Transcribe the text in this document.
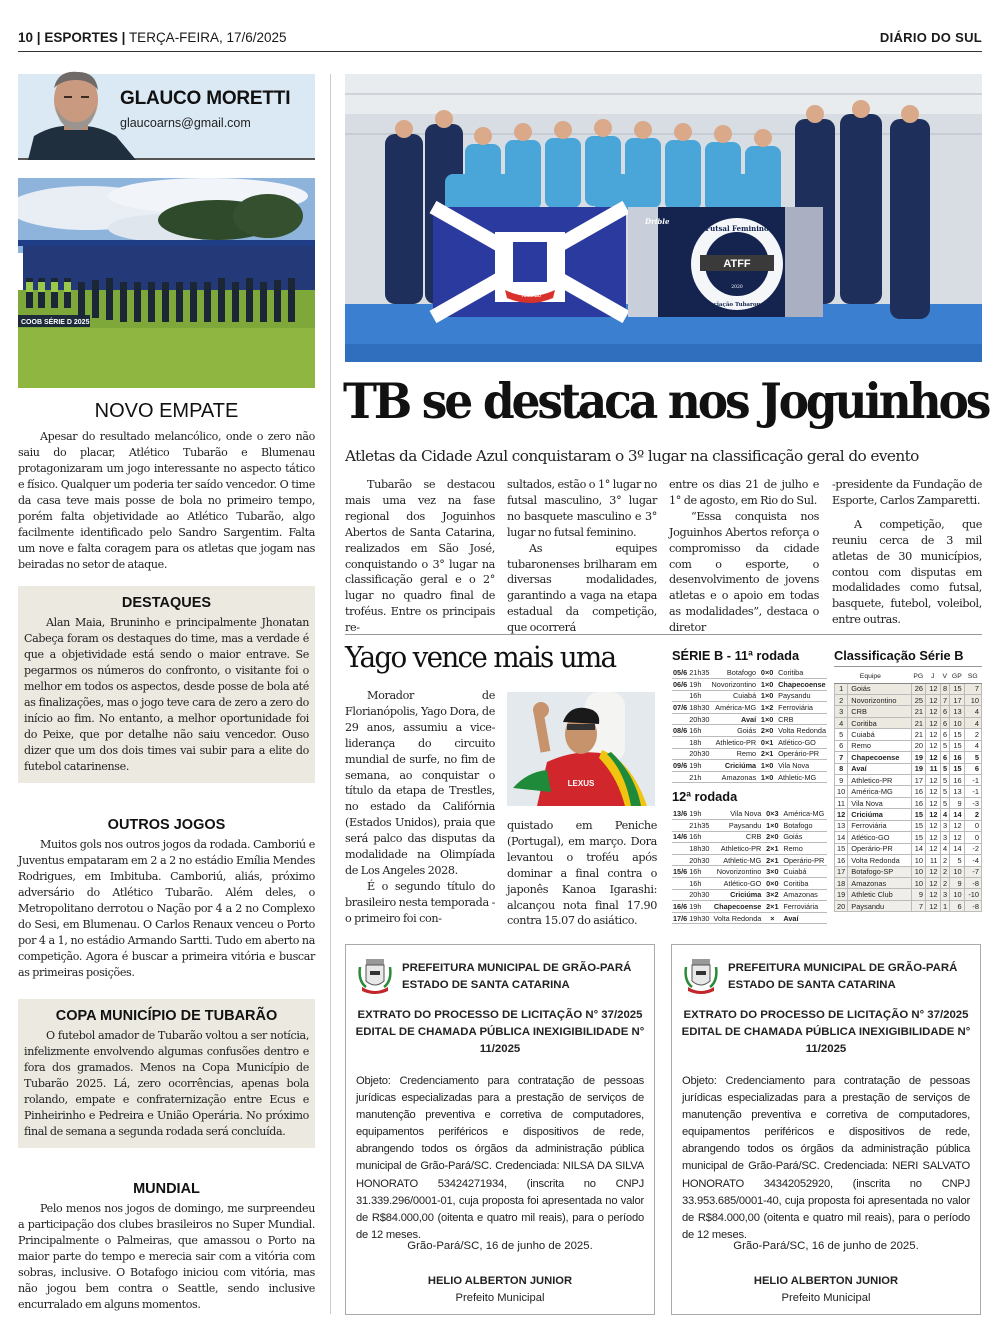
10 | ESPORTES | TERÇA-FEIRA, 17/6/2025	DIÁRIO DO SUL
GLAUCO MORETTI
glaucoarns@gmail.com
COOB SÉRIE D 2025
NOVO EMPATE

Apesar do resultado melancólico, onde o zero não saiu do placar, Atlético Tubarão e Blumenau protagonizaram um jogo interessante no aspecto tático e físico. Qualquer um poderia ter saído vencedor. O time da casa teve mais posse de bola no primeiro tempo, porém falta objetividade ao Atlético Tubarão, algo facilmente identificado pelo Sandro Sargentim. Falta um nove e falta coragem para os atletas que jogam nas beiradas no setor de ataque.

DESTAQUES

Alan Maia, Bruninho e principalmente Jhonatan Cabeça foram os destaques do time, mas a verdade é que a objetividade está sendo o maior entrave. Se pegarmos os números do confronto, o visitante foi o melhor em todos os aspectos, desde posse de bola até as finalizações, mas o jogo teve cara de zero a zero do início ao fim. No entanto, a melhor oportunidade foi do Peixe, que por detalhe não saiu vencedor. Ouso dizer que um dos dois times vai subir para a elite do futebol catarinense.

OUTROS JOGOS

Muitos gols nos outros jogos da rodada. Camboriú e Juventus empataram em 2 a 2 no estádio Emília Mendes Rodrigues, em Imbituba. Camboriú, aliás, próximo adversário do Atlético Tubarão. Além deles, o Metropolitano derrotou o Nação por 4 a 2 no Complexo do Sesi, em Blumenau. O Carlos Renaux venceu o Porto por 4 a 1, no estádio Armando Sartti. Tudo em aberto na competição. Agora é buscar a primeira vitória e buscar as primeiras posições.

COPA MUNICÍPIO DE TUBARÃO

O futebol amador de Tubarão voltou a ser notícia, infelizmente envolvendo algumas confusões dentro e fora dos gramados. Menos na Copa Município de Tubarão 2025. Lá, zero ocorrências, apenas bola rolando, empate e confraternização entre Ecus e Pinheirinho e Pedreira e União Operária. No próximo final de semana a segunda rodada será concluída.

MUNDIAL

Pelo menos nos jogos de domingo, me surpreendeu a participação dos clubes brasileiros no Super Mundial. Principalmente o Palmeiras, que amassou o Porto na maior parte do tempo e merecia sair com a vitória com sobras, inclusive. O Botafogo iniciou com vitória, mas não jogou bem contra o Seattle, sendo inclusive encurralado em alguns momentos.

TUBARÃO
ATFF
Futsal Feminino
Associação Tubaronense
2020
Drible
TB se destaca nos Joguinhos
Atletas da Cidade Azul conquistaram o 3º lugar na classificação geral do evento

Tubarão se destacou mais uma vez na fase regional dos Joguinhos Abertos de Santa Catarina, realizados em São José, conquistando o 3° lugar na classificação geral e o 2° lugar no quadro final de troféus. Entre os principais re-

sultados, estão o 1° lugar no futsal masculino, 3° lugar no basquete masculino e 3° lugar no futsal feminino.

As equipes tubaronenses brilharam em diversas modalidades, garantindo a vaga na etapa estadual da competição, que ocorrerá

entre os dias 21 de julho e 1° de agosto, em Rio do Sul.

“Essa conquista nos Joguinhos Abertos reforça o compromisso da cidade com o esporte, o desenvolvimento de jovens atletas e o apoio em todas as modalidades”, destaca o diretor

-presidente da Fundação de Esporte, Carlos Zamparetti.

A competição, que reuniu cerca de 3 mil atletas de 30 municípios, contou com disputas em modalidades como futsal, basquete, futebol, voleibol, entre outras.

Yago vence mais uma

Morador de Florianópolis, Yago Dora, de 29 anos, assumiu a vice-liderança do circuito mundial de surfe, no fim de semana, ao conquistar o título da etapa de Trestles, no estado da Califórnia (Estados Unidos), praia que será palco das disputas da modalidade na Olimpíada de Los Angeles 2028.

É o segundo título do brasileiro nesta temporada - o primeiro foi con-

LEXUS

quistado em Peniche (Portugal), em março. Dora levantou o troféu após dominar a final contra o japonês Kanoa Igarashi: alcançou nota final 17.90 contra 15.07 do asiático.

SÉRIE B - 11ª rodada
05/6	21h35	Botafogo	0×0	Coritiba
06/6	19h	Novorizontino	1×0	Chapecoense
	16h	Cuiabá	1×0	Paysandu
07/6	18h30	América-MG	1×2	Ferroviária
	20h30	Avaí	1×0	CRB
08/6	16h	Goiás	2×0	Volta Redonda
	18h	Athletico-PR	0×1	Atlético-GO
	20h30	Remo	2×1	Operário-PR
09/6	19h	Criciúma	1×0	Vila Nova
	21h	Amazonas	1×0	Athletic-MG
12ª rodada
13/6	19h	Vila Nova	0×3	América-MG
	21h35	Paysandu	1×0	Botafogo
14/6	16h	CRB	2×0	Goiás
	18h30	Athletico-PR	2×1	Remo
	20h30	Athletic-MG	2×1	Operário-PR
15/6	16h	Novorizontino	3×0	Cuiabá
	16h	Atlético-GO	0×0	Coritiba
	20h30	Criciúma	3×2	Amazonas
16/6	19h	Chapecoense	2×1	Ferroviária
17/6	19h30	Volta Redonda	×	Avaí
Classificação Série B
	Equipe	PG	J	V	GP	SG
1	Goiás	26	12	8	15	7
2	Novorizontino	25	12	7	17	10
3	CRB	21	12	6	13	4
4	Coritiba	21	12	6	10	4
5	Cuiabá	21	12	6	15	2
6	Remo	20	12	5	15	4
7	Chapecoense	19	12	6	16	5
8	Avaí	19	11	5	15	6
9	Athletico-PR	17	12	5	16	-1
10	América-MG	16	12	5	13	-1
11	Vila Nova	16	12	5	9	-3
12	Criciúma	15	12	4	14	2
13	Ferroviária	15	12	3	12	0
14	Atlético-GO	15	12	3	12	0
15	Operário-PR	14	12	4	14	-2
16	Volta Redonda	10	11	2	5	-4
17	Botafogo-SP	10	12	2	10	-7
18	Amazonas	10	12	2	9	-8
19	Athletic Club	9	12	3	10	-10
20	Paysandu	7	12	1	6	-8
PREFEITURA MUNICIPAL DE GRÃO-PARÁ
ESTADO DE SANTA CATARINA
EXTRATO DO PROCESSO DE LICITAÇÃO N° 37/2025 EDITAL DE CHAMADA PÚBLICA INEXIGIBILIDADE N° 11/2025
Objeto: Credenciamento para contratação de pessoas jurídicas especializadas para a prestação de serviços de manutenção preventiva e corretiva de computadores, equipamentos periféricos e dispositivos de rede, abrangendo todos os órgãos da administração pública municipal de Grão-Pará/SC. Credenciada: NILSA DA SILVA HONORATO 53424271934, (inscrita no CNPJ 31.339.296/0001-01, cuja proposta foi apresentada no valor de R$84.000,00 (oitenta e quatro mil reais), para o período de 12 meses.
Grão-Pará/SC, 16 de junho de 2025.
HELIO ALBERTON JUNIOR
Prefeito Municipal
PREFEITURA MUNICIPAL DE GRÃO-PARÁ
ESTADO DE SANTA CATARINA
EXTRATO DO PROCESSO DE LICITAÇÃO N° 37/2025 EDITAL DE CHAMADA PÚBLICA INEXIGIBILIDADE N° 11/2025
Objeto: Credenciamento para contratação de pessoas jurídicas especializadas para a prestação de serviços de manutenção preventiva e corretiva de computadores, equipamentos periféricos e dispositivos de rede, abrangendo todos os órgãos da administração pública municipal de Grão-Pará/SC. Credenciada: NERI SALVATO HONORATO 34342052920, (inscrita no CNPJ 33.953.685/0001-40, cuja proposta foi apresentada no valor de R$84.000,00 (oitenta e quatro mil reais), para o período de 12 meses.
Grão-Pará/SC, 16 de junho de 2025.
HELIO ALBERTON JUNIOR
Prefeito Municipal
